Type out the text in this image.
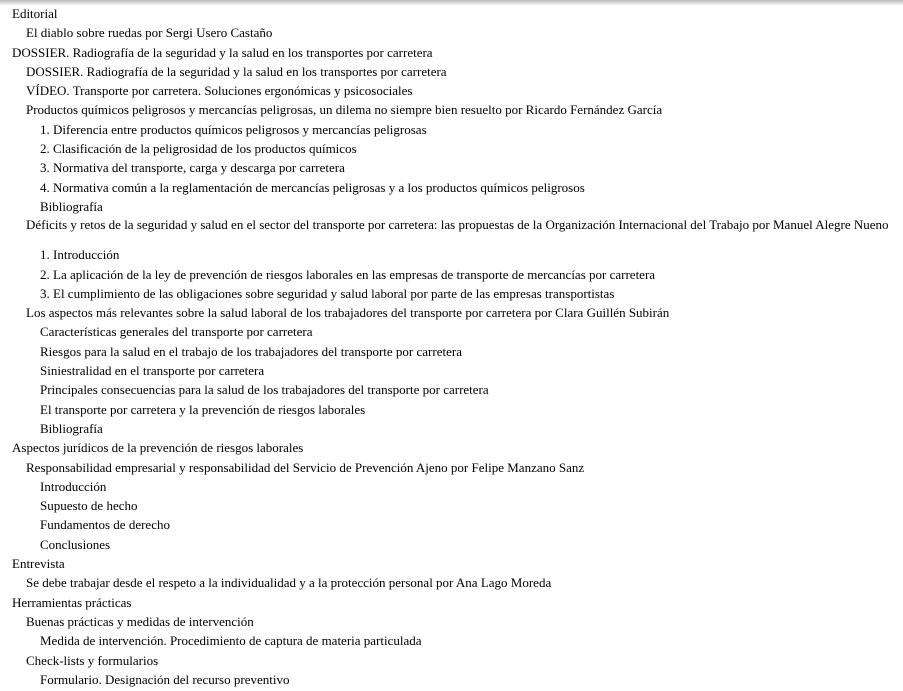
Editorial
El diablo sobre ruedas por Sergi Usero Castaño
DOSSIER. Radiografía de la seguridad y la salud en los transportes por carretera
DOSSIER. Radiografía de la seguridad y la salud en los transportes por carretera
VÍDEO. Transporte por carretera. Soluciones ergonómicas y psicosociales
Productos químicos peligrosos y mercancías peligrosas, un dilema no siempre bien resuelto por Ricardo Fernández García
1. Diferencia entre productos químicos peligrosos y mercancías peligrosas
2. Clasificación de la peligrosidad de los productos químicos
3. Normativa del transporte, carga y descarga por carretera
4. Normativa común a la reglamentación de mercancías peligrosas y a los productos químicos peligrosos
Bibliografía
Déficits y retos de la seguridad y salud en el sector del transporte por carretera: las propuestas de la Organización Internacional del Trabajo por Manuel Alegre Nueno
1. Introducción
2. La aplicación de la ley de prevención de riesgos laborales en las empresas de transporte de mercancías por carretera
3. El cumplimiento de las obligaciones sobre seguridad y salud laboral por parte de las empresas transportistas
Los aspectos más relevantes sobre la salud laboral de los trabajadores del transporte por carretera por Clara Guillén Subirán
Características generales del transporte por carretera
Riesgos para la salud en el trabajo de los trabajadores del transporte por carretera
Siniestralidad en el transporte por carretera
Principales consecuencias para la salud de los trabajadores del transporte por carretera
El transporte por carretera y la prevención de riesgos laborales
Bibliografía
Aspectos jurídicos de la prevención de riesgos laborales
Responsabilidad empresarial y responsabilidad del Servicio de Prevención Ajeno por Felipe Manzano Sanz
Introducción
Supuesto de hecho
Fundamentos de derecho
Conclusiones
Entrevista
Se debe trabajar desde el respeto a la individualidad y a la protección personal por Ana Lago Moreda
Herramientas prácticas
Buenas prácticas y medidas de intervención
Medida de intervención. Procedimiento de captura de materia particulada
Check-lists y formularios
Formulario. Designación del recurso preventivo
